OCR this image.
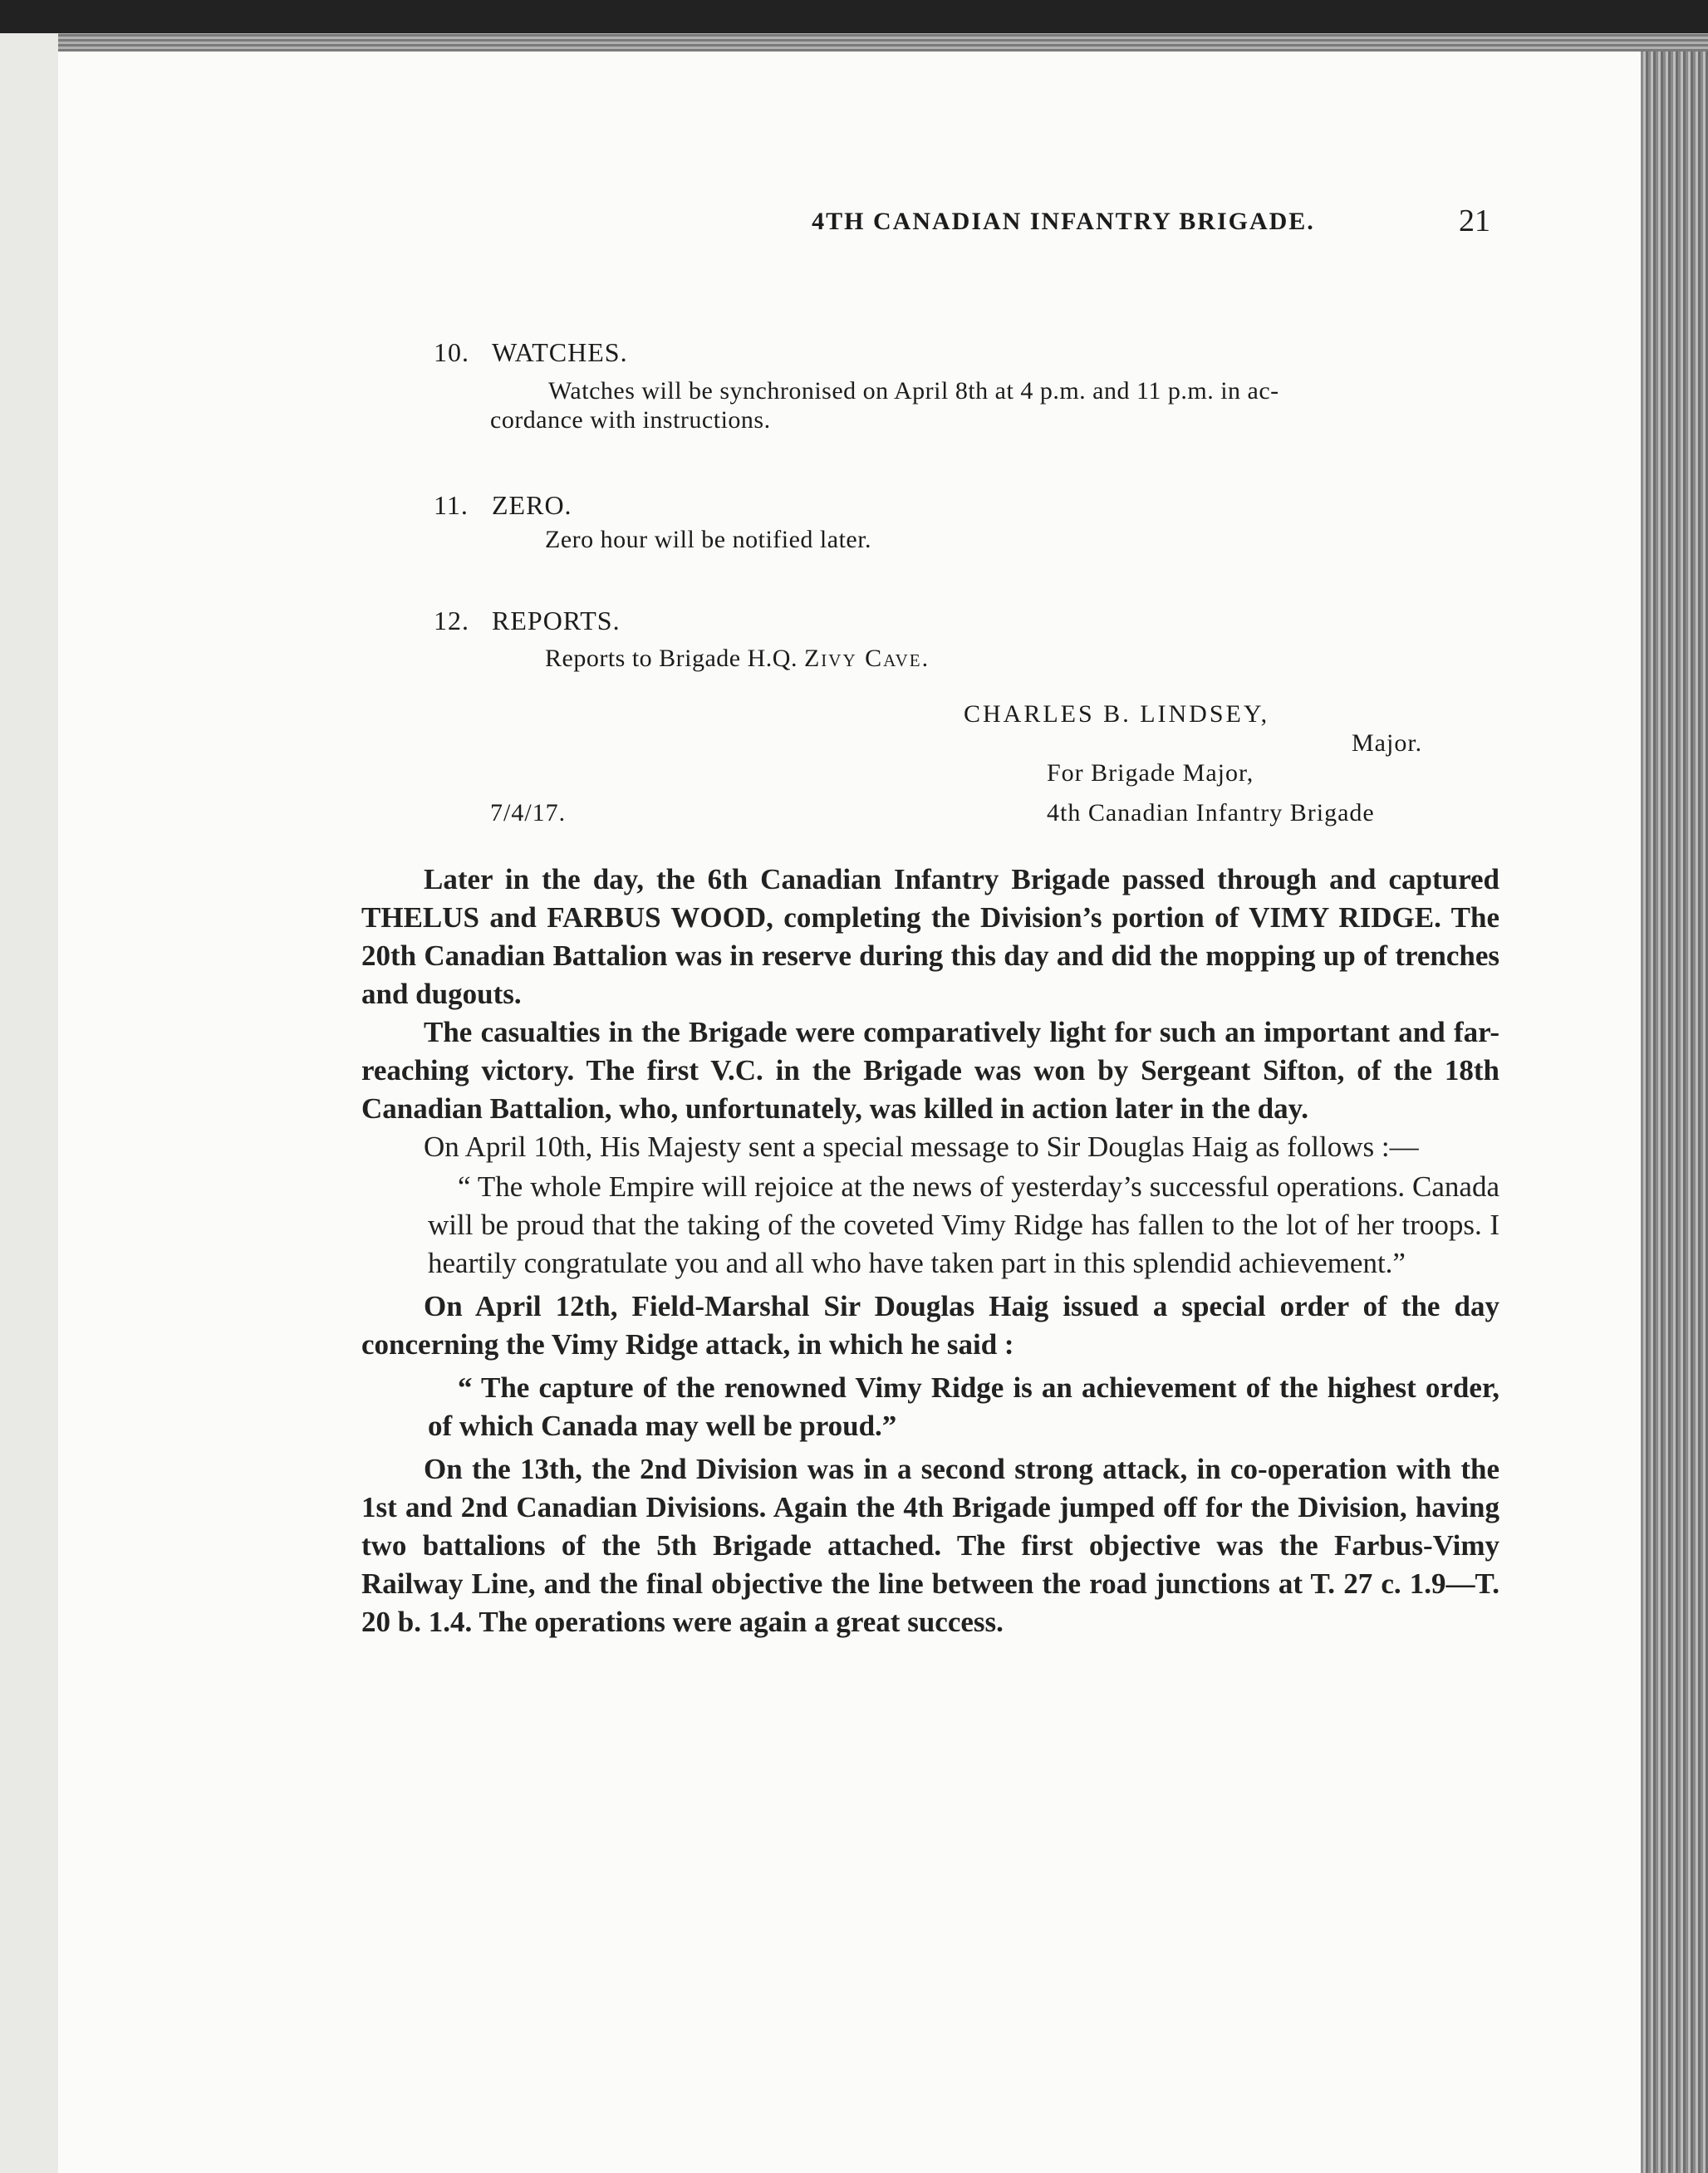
4TH CANADIAN INFANTRY BRIGADE.	21
10. WATCHES.
Watches will be synchronised on April 8th at 4 p.m. and 11 p.m. in ac-
cordance with instructions.
11. ZERO.
Zero hour will be notified later.
12. REPORTS.
Reports to Brigade H.Q. Zivy Cave.
CHARLES B. LINDSEY,
Major.
For Brigade Major,
7/4/17.	4th Canadian Infantry Brigade

Later in the day, the 6th Canadian Infantry Brigade passed through and captured THELUS and FARBUS WOOD, completing the Division’s portion of VIMY RIDGE. The 20th Canadian Battalion was in reserve during this day and did the mopping up of trenches and dugouts.

The casualties in the Brigade were comparatively light for such an important and far-reaching victory. The first V.C. in the Brigade was won by Sergeant Sifton, of the 18th Canadian Battalion, who, unfortunately, was killed in action later in the day.

On April 10th, His Majesty sent a special message to Sir Douglas Haig as follows :—

“ The whole Empire will rejoice at the news of yesterday’s successful operations. Canada will be proud that the taking of the coveted Vimy Ridge has fallen to the lot of her troops. I heartily congratulate you and all who have taken part in this splendid achievement.”

On April 12th, Field-Marshal Sir Douglas Haig issued a special order of the day concerning the Vimy Ridge attack, in which he said :

“ The capture of the renowned Vimy Ridge is an achievement of the highest order, of which Canada may well be proud.”

On the 13th, the 2nd Division was in a second strong attack, in co-operation with the 1st and 2nd Canadian Divisions. Again the 4th Brigade jumped off for the Division, having two battalions of the 5th Brigade attached. The first objective was the Farbus-Vimy Railway Line, and the final objective the line between the road junctions at T. 27 c. 1.9—T. 20 b. 1.4. The operations were again a great success.
